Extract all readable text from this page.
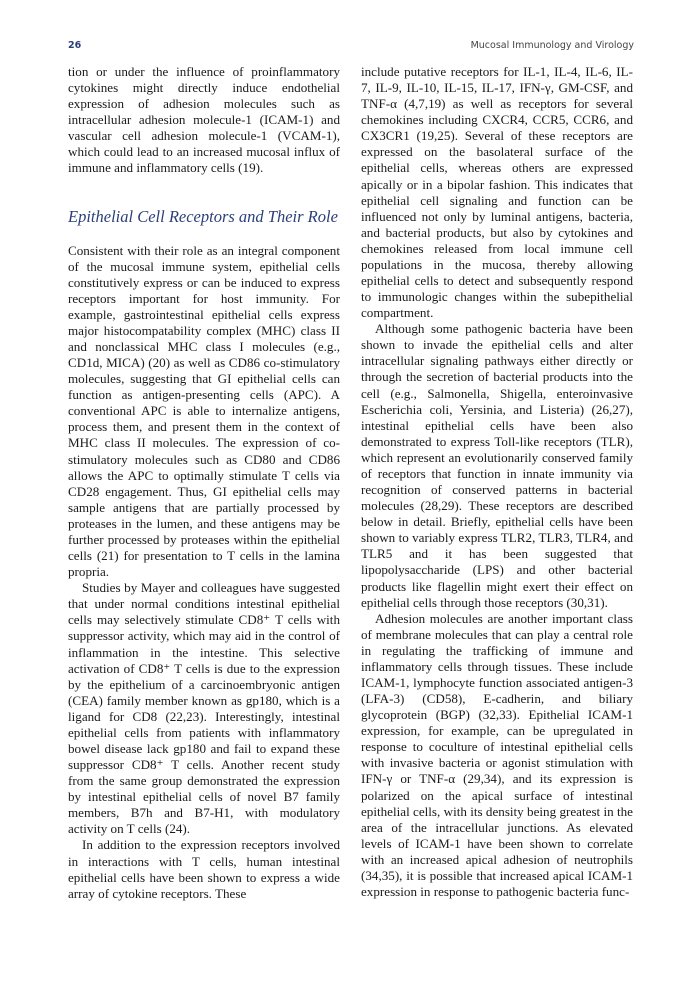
26	Mucosal Immunology and Virology

tion or under the influence of proinflammatory cytokines might directly induce endothelial expression of adhesion molecules such as intracellular adhesion molecule-1 (ICAM-1) and vascular cell adhesion molecule-1 (VCAM-1), which could lead to an increased mucosal influx of immune and inflammatory cells (19).

Epithelial Cell Receptors and Their Role

Consistent with their role as an integral component of the mucosal immune system, epithelial cells constitutively express or can be induced to express receptors important for host immunity. For example, gastrointestinal epithelial cells express major histocompatability complex (MHC) class II and nonclassical MHC class I molecules (e.g., CD1d, MICA) (20) as well as CD86 co-stimulatory molecules, suggesting that GI epithelial cells can function as antigen-presenting cells (APC). A conventional APC is able to internalize antigens, process them, and present them in the context of MHC class II molecules. The expression of co-stimulatory molecules such as CD80 and CD86 allows the APC to optimally stimulate T cells via CD28 engagement. Thus, GI epithelial cells may sample antigens that are partially processed by proteases in the lumen, and these antigens may be further processed by proteases within the epithelial cells (21) for presentation to T cells in the lamina propria.

Studies by Mayer and colleagues have suggested that under normal conditions intestinal epithelial cells may selectively stimulate CD8⁺ T cells with suppressor activity, which may aid in the control of inflammation in the intestine. This selective activation of CD8⁺ T cells is due to the expression by the epithelium of a carcinoembryonic antigen (CEA) family member known as gp180, which is a ligand for CD8 (22,23). Interestingly, intestinal epithelial cells from patients with inflammatory bowel disease lack gp180 and fail to expand these suppressor CD8⁺ T cells. Another recent study from the same group demonstrated the expression by intestinal epithelial cells of novel B7 family members, B7h and B7-H1, with modulatory activity on T cells (24).

In addition to the expression receptors involved in interactions with T cells, human intestinal epithelial cells have been shown to express a wide array of cytokine receptors. These

include putative receptors for IL-1, IL-4, IL-6, IL-7, IL-9, IL-10, IL-15, IL-17, IFN-γ, GM-CSF, and TNF-α (4,7,19) as well as receptors for several chemokines including CXCR4, CCR5, CCR6, and CX3CR1 (19,25). Several of these receptors are expressed on the basolateral surface of the epithelial cells, whereas others are expressed apically or in a bipolar fashion. This indicates that epithelial cell signaling and function can be influenced not only by luminal antigens, bacteria, and bacterial products, but also by cytokines and chemokines released from local immune cell populations in the mucosa, thereby allowing epithelial cells to detect and subsequently respond to immunologic changes within the subepithelial compartment.

Although some pathogenic bacteria have been shown to invade the epithelial cells and alter intracellular signaling pathways either directly or through the secretion of bacterial products into the cell (e.g., Salmonella, Shigella, enteroinvasive Escherichia coli, Yersinia, and Listeria) (26,27), intestinal epithelial cells have been also demonstrated to express Toll-like receptors (TLR), which represent an evolutionarily conserved family of receptors that function in innate immunity via recognition of conserved patterns in bacterial molecules (28,29). These receptors are described below in detail. Briefly, epithelial cells have been shown to variably express TLR2, TLR3, TLR4, and TLR5 and it has been suggested that lipopolysaccharide (LPS) and other bacterial products like flagellin might exert their effect on epithelial cells through those receptors (30,31).

Adhesion molecules are another important class of membrane molecules that can play a central role in regulating the trafficking of immune and inflammatory cells through tissues. These include ICAM-1, lymphocyte function associated antigen-3 (LFA-3) (CD58), E-cadherin, and biliary glycoprotein (BGP) (32,33). Epithelial ICAM-1 expression, for example, can be upregulated in response to coculture of intestinal epithelial cells with invasive bacteria or agonist stimulation with IFN-γ or TNF-α (29,34), and its expression is polarized on the apical surface of intestinal epithelial cells, with its density being greatest in the area of the intracellular junctions. As elevated levels of ICAM-1 have been shown to correlate with an increased apical adhesion of neutrophils (34,35), it is possible that increased apical ICAM-1 expression in response to pathogenic bacteria func-
